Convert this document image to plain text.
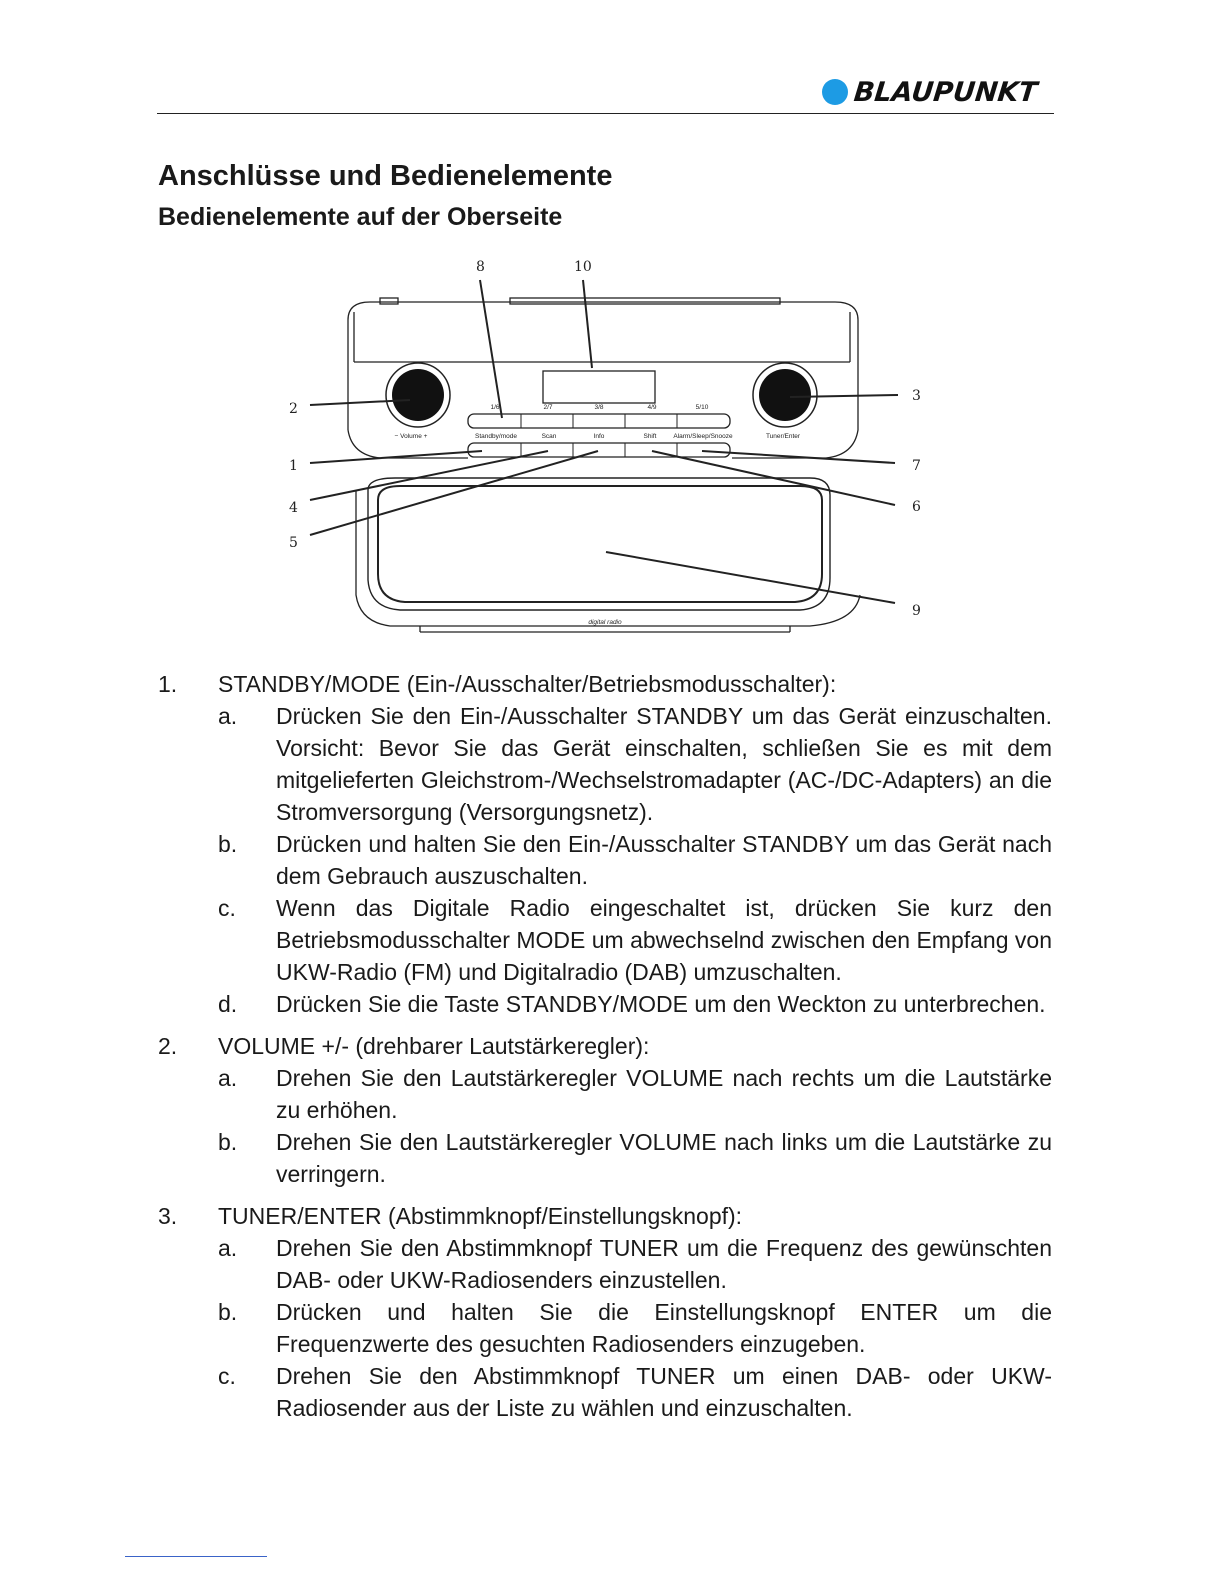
BLAUPUNKT
Anschlüsse und Bedienelemente
Bedienelemente auf der Oberseite
1/6	2/7	3/8	4/9	5/10
Standby/mode	Scan	Info	Shift	Alarm/Sleep/Snooze	Tuner/Enter
− Volume +
digital radio
1
2
3
4
5
6
7
8
9
10
1. STANDBY/MODE (Ein-/Ausschalter/Betriebsmodusschalter):
a. Drücken Sie den Ein-/Ausschalter STANDBY um das Gerät einzuschalten. Vorsicht: Bevor Sie das Gerät einschalten, schließen Sie es mit dem mitgelieferten Gleichstrom-/Wechselstromadapter (AC-/DC-Adapters) an die Stromversorgung (Versorgungsnetz).
b. Drücken und halten Sie den Ein-/Ausschalter STANDBY um das Gerät nach dem Gebrauch auszuschalten.
c. Wenn das Digitale Radio eingeschaltet ist, drücken Sie kurz den Betriebsmodusschalter MODE um abwechselnd zwischen den Empfang von UKW-Radio (FM) und Digitalradio (DAB) umzuschalten.
d. Drücken Sie die Taste STANDBY/MODE um den Weckton zu unterbrechen.
2. VOLUME +/- (drehbarer Lautstärkeregler):
a. Drehen Sie den Lautstärkeregler VOLUME nach rechts um die Lautstärke zu erhöhen.
b. Drehen Sie den Lautstärkeregler VOLUME nach links um die Lautstärke zu verringern.
3. TUNER/ENTER (Abstimmknopf/Einstellungsknopf):
a. Drehen Sie den Abstimmknopf TUNER um die Frequenz des gewünschten DAB- oder UKW-Radiosenders einzustellen.
b. Drücken und halten Sie die Einstellungsknopf ENTER um die Frequenzwerte des gesuchten Radiosenders einzugeben.
c. Drehen Sie den Abstimmknopf TUNER um einen DAB- oder UKW-Radiosender aus der Liste zu wählen und einzuschalten.
